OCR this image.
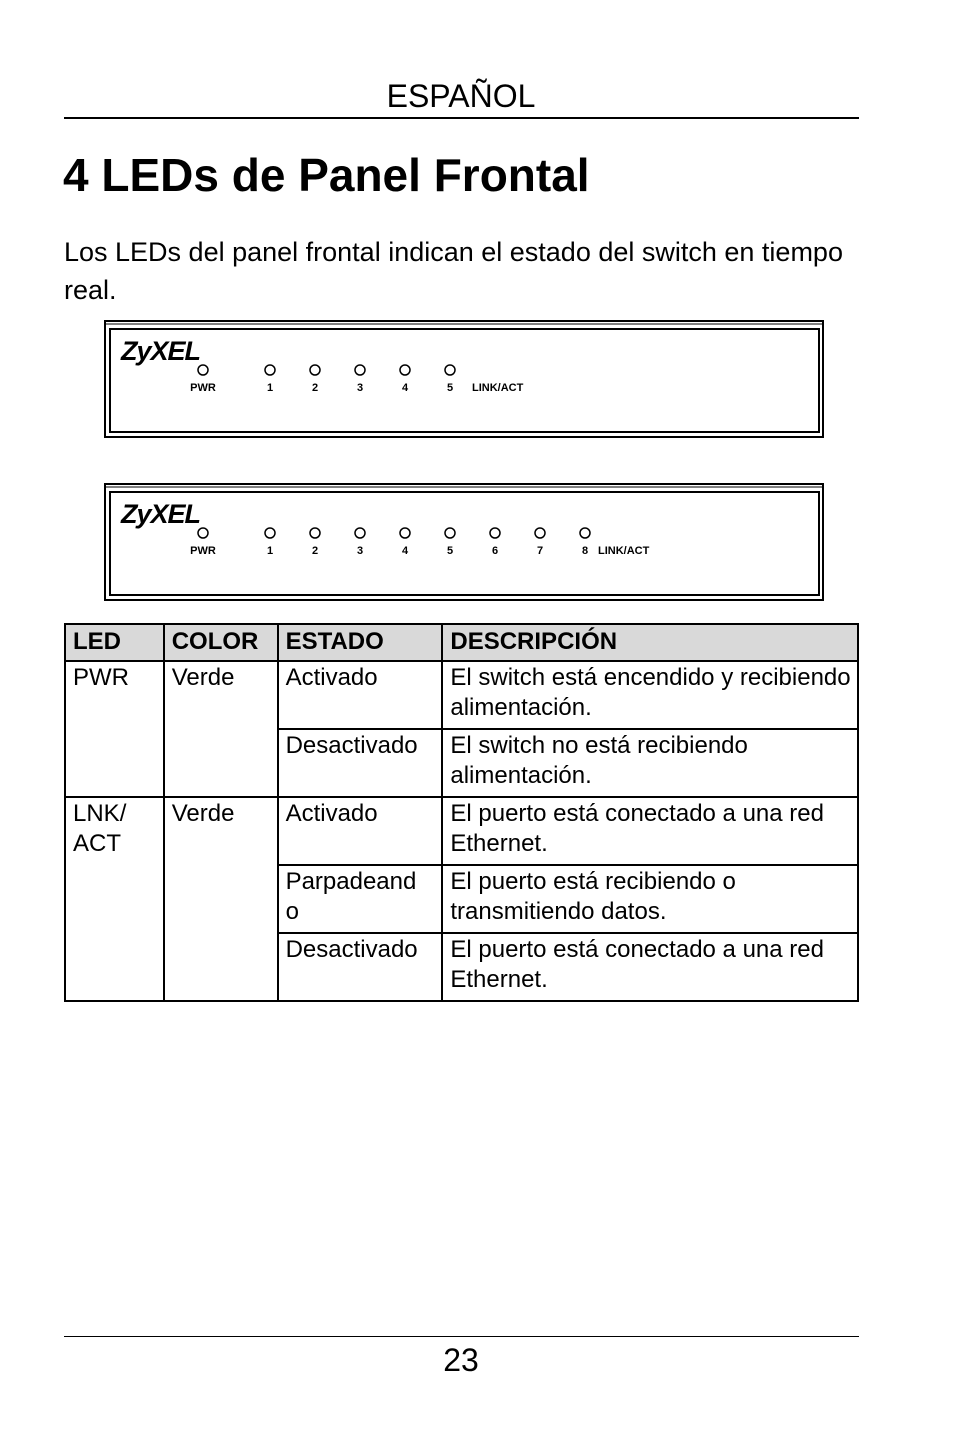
ESPAÑOL
4 LEDs de Panel Frontal

Los LEDs del panel frontal indican el estado del switch en tiempo real.

ZyXEL
PWR	1	2	3	4	5 LINK/ACT
ZyXEL
PWR	1	2	3	4	5	6	7	8 LINK/ACT
LED	COLOR	ESTADO	DESCRIPCIÓN
PWR	Verde	Activado	El switch está encendido y recibiendo alimentación.
		Desactivado	El switch no está recibiendo alimentación.
LNK/ ACT	Verde	Activado	El puerto está conectado a una red Ethernet.
		Parpadeand o	El puerto está recibiendo o transmitiendo datos.
		Desactivado	El puerto está conectado a una red Ethernet.
23
